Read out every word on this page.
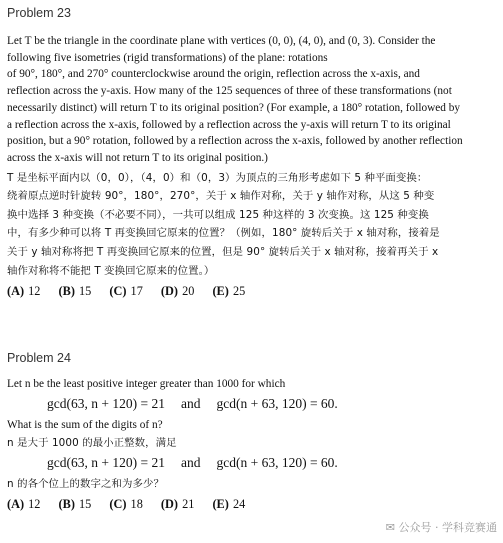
Problem 23

Let T be the triangle in the coordinate plane with vertices (0, 0), (4, 0), and (0, 3). Consider the
following five isometries (rigid transformations) of the plane: rotations
of 90°, 180°, and 270° counterclockwise around the origin, reflection across the x-axis, and
reflection across the y-axis. How many of the 125 sequences of three of these transformations (not
necessarily distinct) will return T to its original position? (For example, a 180° rotation, followed by
a reflection across the x-axis, followed by a reflection across the y-axis will return T to its original
position, but a 90° rotation, followed by a reflection across the x-axis, followed by another reflection
across the x-axis will not return T to its original position.)

T 是坐标平面内以（0，0），（4，0）和（0，3）为顶点的三角形考虑如下 5 种平面变换：
绕着原点逆时针旋转 90°，180°，270°，关于 x 轴作对称，关于 y 轴作对称，从这 5 种变
换中选择 3 种变换（不必要不同），一共可以组成 125 种这样的 3 次变换。这 125 种变换
中，有多少种可以将 T 再变换回它原来的位置？（例如，180° 旋转后关于 x 轴对称，接着是
关于 y 轴对称将把 T 再变换回它原来的位置，但是 90° 旋转后关于 x 轴对称，接着再关于 x
轴作对称将不能把 T 变换回它原来的位置。）

(A) 12 (B) 15 (C) 17 (D) 20 (E) 25

Problem 24

Let n be the least positive integer greater than 1000 for which

gcd(63, n + 120) = 21 and gcd(n + 63, 120) = 60.

What is the sum of the digits of n?

n 是大于 1000 的最小正整数，满足

gcd(63, n + 120) = 21 and gcd(n + 63, 120) = 60.

n 的各个位上的数字之和为多少？

(A) 12 (B) 15 (C) 18 (D) 21 (E) 24

✉ 公众号 · 学科竞赛通
